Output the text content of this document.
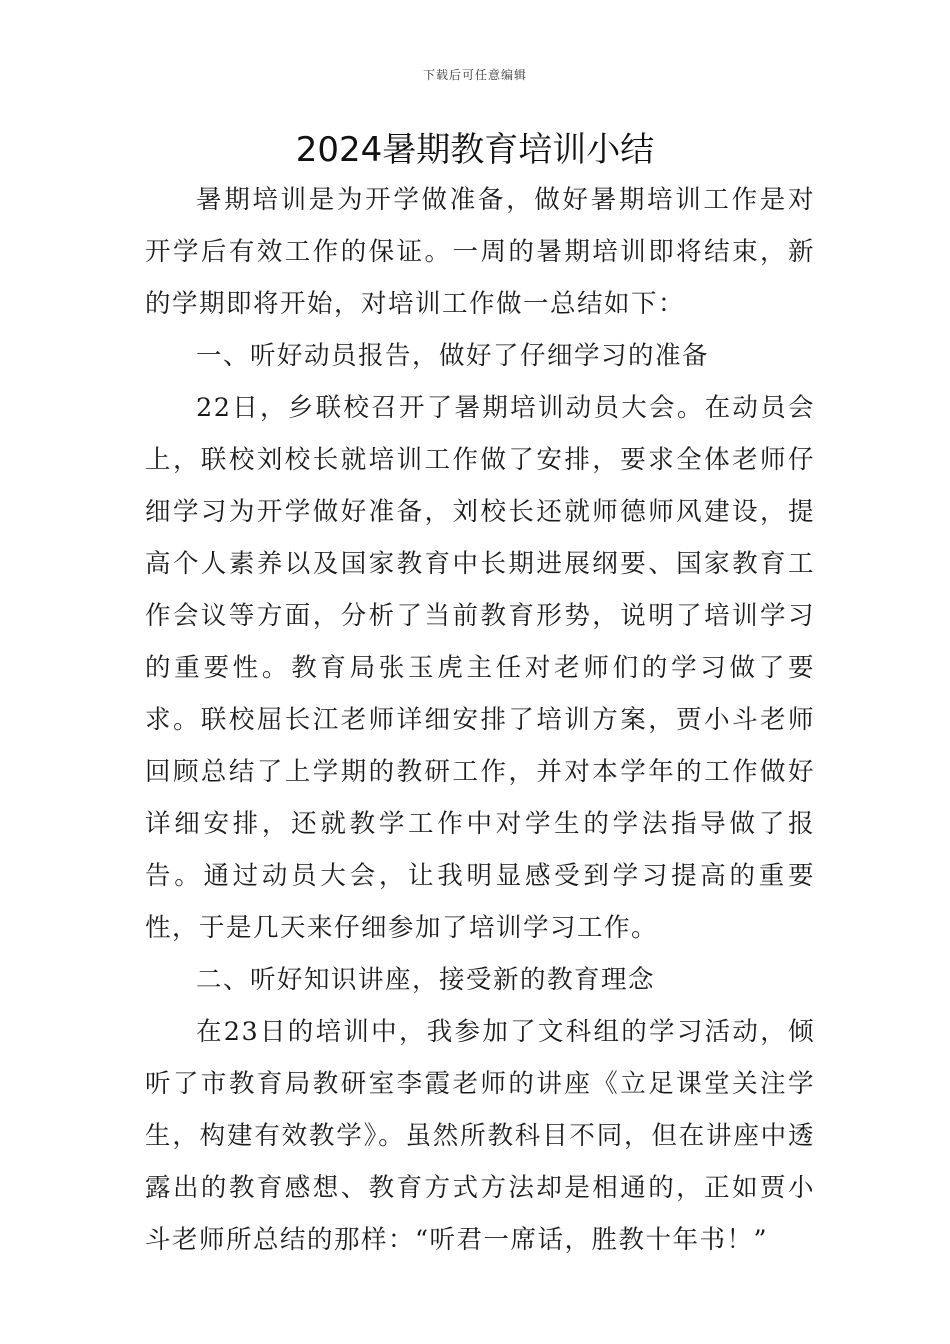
下载后可任意编辑
2024暑期教育培训小结

暑期培训是为开学做准备，做好暑期培训工作是对开学后有效工作的保证。一周的暑期培训即将结束，新的学期即将开始，对培训工作做一总结如下：

一、听好动员报告，做好了仔细学习的准备

22日，乡联校召开了暑期培训动员大会。在动员会上，联校刘校长就培训工作做了安排，要求全体老师仔细学习为开学做好准备，刘校长还就师德师风建设，提高个人素养以及国家教育中长期进展纲要、国家教育工作会议等方面，分析了当前教育形势，说明了培训学习的重要性。教育局张玉虎主任对老师们的学习做了要求。联校屈长江老师详细安排了培训方案，贾小斗老师回顾总结了上学期的教研工作，并对本学年的工作做好详细安排，还就教学工作中对学生的学法指导做了报告。通过动员大会，让我明显感受到学习提高的重要性，于是几天来仔细参加了培训学习工作。

二、听好知识讲座，接受新的教育理念

在23日的培训中，我参加了文科组的学习活动，倾听了市教育局教研室李霞老师的讲座《立足课堂关注学生，构建有效教学》。虽然所教科目不同，但在讲座中透露出的教育感想、教育方式方法却是相通的，正如贾小斗老师所总结的那样：“听君一席话，胜教十年书！”
